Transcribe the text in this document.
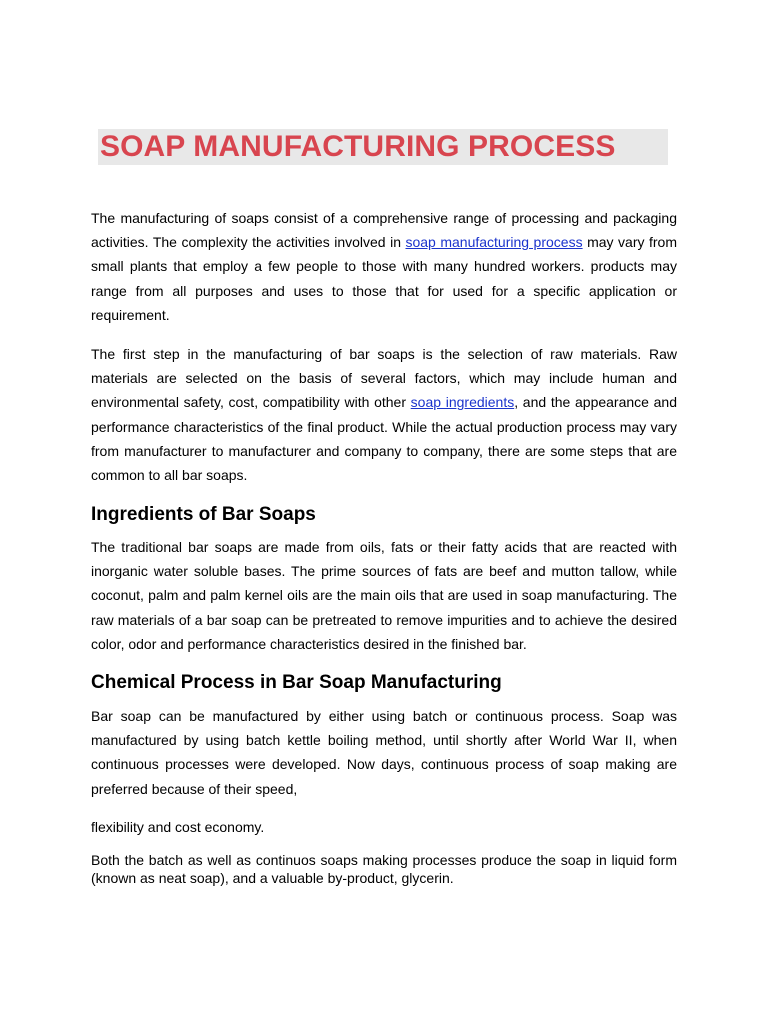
SOAP MANUFACTURING PROCESS

The manufacturing of soaps consist of a comprehensive range of processing and packaging activities. The complexity the activities involved in soap manufacturing process may vary from small plants that employ a few people to those with many hundred workers. products may range from all purposes and uses to those that for used for a specific application or requirement.

The first step in the manufacturing of bar soaps is the selection of raw materials. Raw materials are selected on the basis of several factors, which may include human and environmental safety, cost, compatibility with other soap ingredients, and the appearance and performance characteristics of the final product. While the actual production process may vary from manufacturer to manufacturer and company to company, there are some steps that are common to all bar soaps.

Ingredients of Bar Soaps

The traditional bar soaps are made from oils, fats or their fatty acids that are reacted with inorganic water soluble bases. The prime sources of fats are beef and mutton tallow, while coconut, palm and palm kernel oils are the main oils that are used in soap manufacturing. The raw materials of a bar soap can be pretreated to remove impurities and to achieve the desired color, odor and performance characteristics desired in the finished bar.

Chemical Process in Bar Soap Manufacturing

Bar soap can be manufactured by either using batch or continuous process. Soap was manufactured by using batch kettle boiling method, until shortly after World War II, when continuous processes were developed. Now days, continuous process of soap making are preferred because of their speed,

flexibility and cost economy.

Both the batch as well as continuos soaps making processes produce the soap in liquid form (known as neat soap), and a valuable by-product, glycerin.
